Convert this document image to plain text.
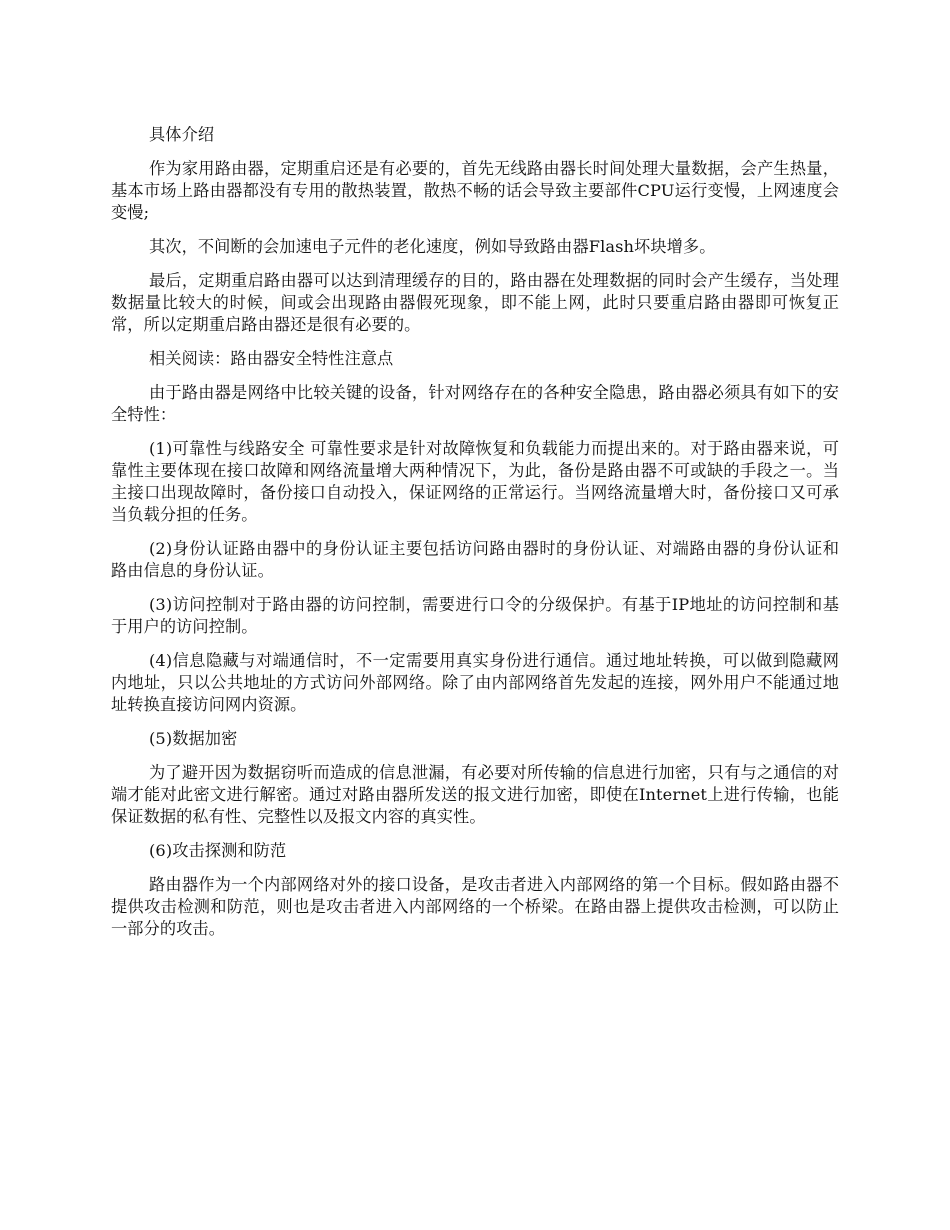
具体介绍

作为家用路由器，定期重启还是有必要的，首先无线路由器长时间处理大量数据，会产生热量，基本市场上路由器都没有专用的散热装置，散热不畅的话会导致主要部件CPU运行变慢，上网速度会变慢;

其次，不间断的会加速电子元件的老化速度，例如导致路由器Flash坏块增多。

最后，定期重启路由器可以达到清理缓存的目的，路由器在处理数据的同时会产生缓存，当处理数据量比较大的时候，间或会出现路由器假死现象，即不能上网，此时只要重启路由器即可恢复正常，所以定期重启路由器还是很有必要的。

相关阅读：路由器安全特性注意点

由于路由器是网络中比较关键的设备，针对网络存在的各种安全隐患，路由器必须具有如下的安全特性：

(1)可靠性与线路安全 可靠性要求是针对故障恢复和负载能力而提出来的。对于路由器来说，可靠性主要体现在接口故障和网络流量增大两种情况下，为此，备份是路由器不可或缺的手段之一。当主接口出现故障时，备份接口自动投入，保证网络的正常运行。当网络流量增大时，备份接口又可承当负载分担的任务。

(2)身份认证路由器中的身份认证主要包括访问路由器时的身份认证、对端路由器的身份认证和路由信息的身份认证。

(3)访问控制对于路由器的访问控制，需要进行口令的分级保护。有基于IP地址的访问控制和基于用户的访问控制。

(4)信息隐藏与对端通信时，不一定需要用真实身份进行通信。通过地址转换，可以做到隐藏网内地址，只以公共地址的方式访问外部网络。除了由内部网络首先发起的连接，网外用户不能通过地址转换直接访问网内资源。

(5)数据加密

为了避开因为数据窃听而造成的信息泄漏，有必要对所传输的信息进行加密，只有与之通信的对端才能对此密文进行解密。通过对路由器所发送的报文进行加密，即使在Internet上进行传输，也能保证数据的私有性、完整性以及报文内容的真实性。

(6)攻击探测和防范

路由器作为一个内部网络对外的接口设备，是攻击者进入内部网络的第一个目标。假如路由器不提供攻击检测和防范，则也是攻击者进入内部网络的一个桥梁。在路由器上提供攻击检测，可以防止一部分的攻击。
